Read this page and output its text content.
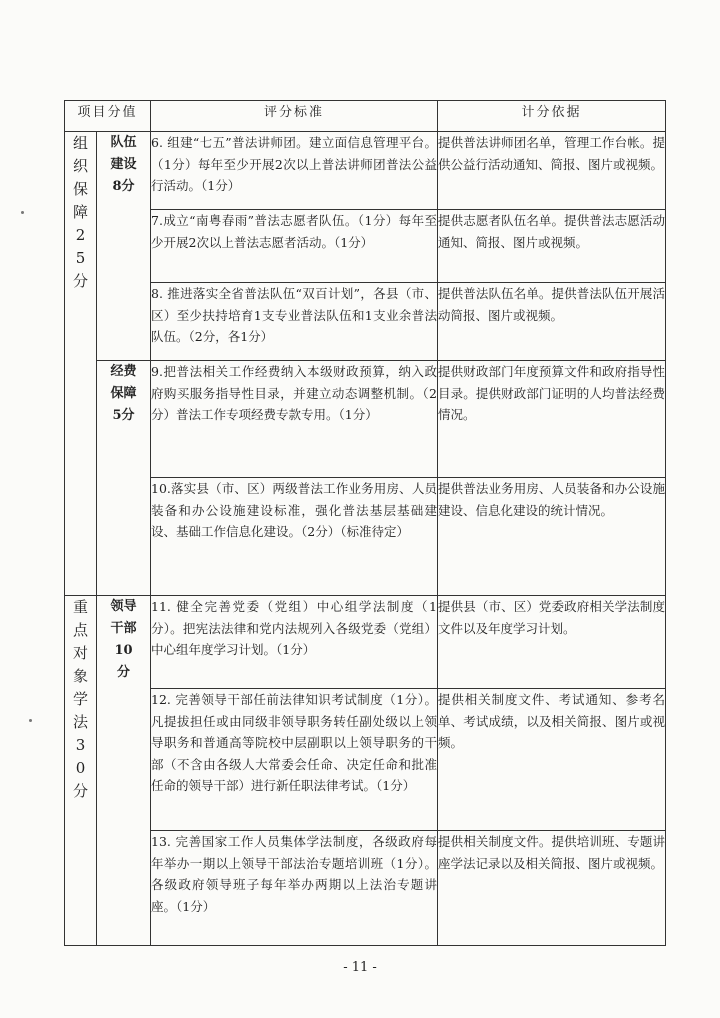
项目分值		评分标准	计分依据
组织保障25分	队伍建设8分	6. 组建“七五”普法讲师团。建立面信息管理平台。（1分）每年至少开展2次以上普法讲师团普法公益行活动。（1分）	提供普法讲师团名单，管理工作台帐。提供公益行活动通知、简报、图片或视频。
		7.成立“南粤春雨”普法志愿者队伍。（1分）每年至少开展2次以上普法志愿者活动。（1分）	提供志愿者队伍名单。提供普法志愿活动通知、简报、图片或视频。
		8. 推进落实全省普法队伍“双百计划”，各县（市、区）至少扶持培育1支专业普法队伍和1支业余普法队伍。（2分，各1分）	提供普法队伍名单。提供普法队伍开展活动简报、图片或视频。
	经费保障5分	9.把普法相关工作经费纳入本级财政预算，纳入政府购买服务指导性目录，并建立动态调整机制。（2分）普法工作专项经费专款专用。（1分）	提供财政部门年度预算文件和政府指导性目录。提供财政部门证明的人均普法经费情况。
		10.落实县（市、区）两级普法工作业务用房、人员装备和办公设施建设标准，强化普法基层基础建设、基础工作信息化建设。（2分）（标准待定）	提供普法业务用房、人员装备和办公设施建设、信息化建设的统计情况。
重点对象学法30分	领导干部10分	11. 健全完善党委（党组）中心组学法制度（1分）。把宪法法律和党内法规列入各级党委（党组）中心组年度学习计划。（1分）	提供县（市、区）党委政府相关学法制度文件以及年度学习计划。
		12. 完善领导干部任前法律知识考试制度（1分）。凡提拔担任或由同级非领导职务转任副处级以上领导职务和普通高等院校中层副职以上领导职务的干部（不含由各级人大常委会任命、决定任命和批准任命的领导干部）进行新任职法律考试。（1分）	提供相关制度文件、考试通知、参考名单、考试成绩，以及相关简报、图片或视频。
		13. 完善国家工作人员集体学法制度，各级政府每年举办一期以上领导干部法治专题培训班（1分）。各级政府领导班子每年举办两期以上法治专题讲座。（1分）	提供相关制度文件。提供培训班、专题讲座学法记录以及相关简报、图片或视频。
- 11 -
